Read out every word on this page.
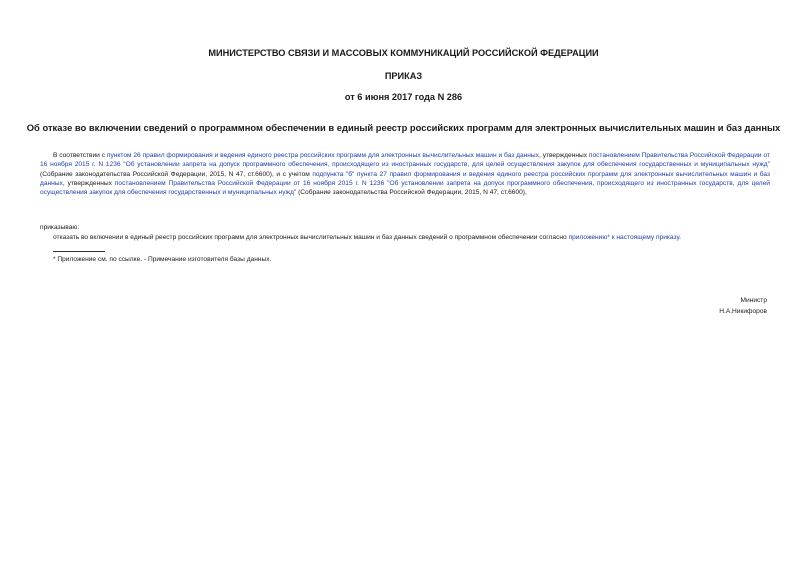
МИНИСТЕРСТВО СВЯЗИ И МАССОВЫХ КОММУНИКАЦИЙ РОССИЙСКОЙ ФЕДЕРАЦИИ
ПРИКАЗ
от 6 июня 2017 года N 286
Об отказе во включении сведений о программном обеспечении в единый реестр российских программ для электронных вычислительных машин и баз данных
В соответствии с пунктом 26 правил формирования и ведения единого реестра российских программ для электронных вычислительных машин и баз данных, утвержденных постановлением Правительства Российской Федерации от 16 ноября 2015 г. N 1236 "Об установлении запрета на допуск программного обеспечения, происходящего из иностранных государств, для целей осуществления закупок для обеспечения государственных и муниципальных нужд" (Собрание законодательства Российской Федерации, 2015, N 47, ст.6600), и с учетом подпункта "б" пункта 27 правил формирования и ведения единого реестра российских программ для электронных вычислительных машин и баз данных, утвержденных постановлением Правительства Российской Федерации от 16 ноября 2015 г. N 1236 "Об установлении запрета на допуск программного обеспечения, происходящего из иностранных государств, для целей осуществления закупок для обеспечения государственных и муниципальных нужд" (Собрание законодательства Российской Федерации, 2015, N 47, ст.6600),
приказываю:
отказать во включении в единый реестр российских программ для электронных вычислительных машин и баз данных сведений о программном обеспечении согласно приложению* к настоящему приказу.
* Приложение см. по ссылке. - Примечание изготовителя базы данных.
Министр
Н.А.Никифоров
